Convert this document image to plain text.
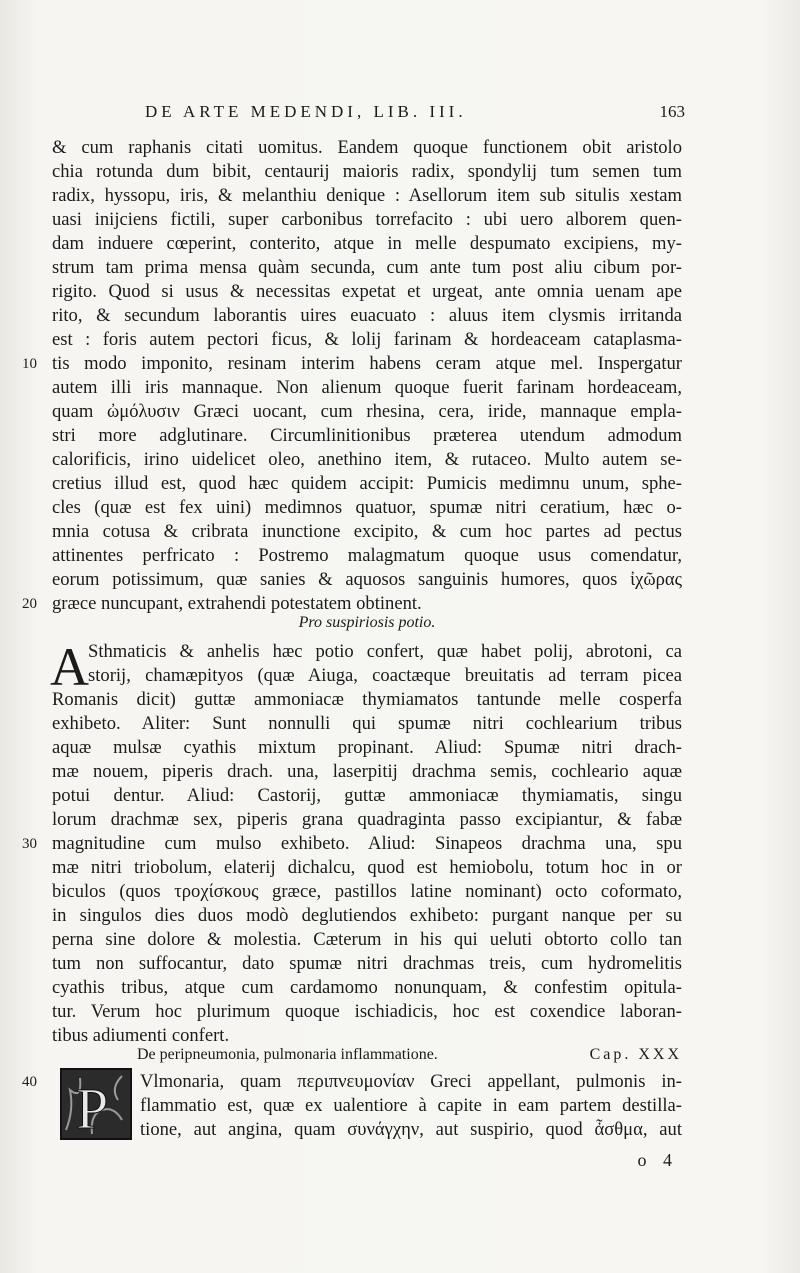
DE ARTE MEDENDI, LIB. III.	163
& cum raphanis citati uomitus. Eandem quoque functionem obit aristolo
chia rotunda dum bibit, centaurij maioris radix, spondylij tum semen tum
radix, hyssopu, iris, & melanthiu denique : Asellorum item sub situlis xestam
uasi inijciens fictili, super carbonibus torrefacito : ubi uero alborem quen-
dam induere cœperint, conterito, atque in melle despumato excipiens, my-
strum tam prima mensa quàm secunda, cum ante tum post aliu cibum por-
rigito. Quod si usus & necessitas expetat et urgeat, ante omnia uenam ape
rito, & secundum laborantis uires euacuato : aluus item clysmis irritanda
est : foris autem pectori ficus, & lolij farinam & hordeaceam cataplasma-
tis modo imponito, resinam interim habens ceram atque mel. Inspergatur
autem illi iris mannaque. Non alienum quoque fuerit farinam hordeaceam,
quam ὠμόλυσιν Græci uocant, cum rhesina, cera, iride, mannaque empla-
stri more adglutinare. Circumlinitionibus præterea utendum admodum
calorificis, irino uidelicet oleo, anethino item, & rutaceo. Multo autem se-
cretius illud est, quod hæc quidem accipit: Pumicis medimnu unum, sphe-
cles (quæ est fex uini) medimnos quatuor, spumæ nitri ceratium, hæc o-
mnia cotusa & cribrata inunctione excipito, & cum hoc partes ad pectus
attinentes perfricato : Postremo malagmatum quoque usus comendatur,
eorum potissimum, quæ sanies & aquosos sanguinis humores, quos ἰχῶρας
græce nuncupant, extrahendi potestatem obtinent.
Pro suspiriosis potio.
A Sthmaticis & anhelis hæc potio confert, quæ habet polij, abrotoni, ca
storij, chamæpityos (quæ Aiuga, coactæque breuitatis ad terram picea
Romanis dicit) guttæ ammoniacæ thymiamatos tantunde melle cosperfa
exhibeto. Aliter: Sunt nonnulli qui spumæ nitri cochlearium tribus
aquæ mulsæ cyathis mixtum propinant. Aliud: Spumæ nitri drach-
mæ nouem, piperis drach. una, laserpitij drachma semis, cochleario aquæ
potui dentur. Aliud: Castorij, guttæ ammoniacæ thymiamatis, singu
lorum drachmæ sex, piperis grana quadraginta passo excipiantur, & fabæ
magnitudine cum mulso exhibeto. Aliud: Sinapeos drachma una, spu
mæ nitri triobolum, elaterij dichalcu, quod est hemiobolu, totum hoc in or
biculos (quos τροχίσκους græce, pastillos latine nominant) octo coformato,
in singulos dies duos modò deglutiendos exhibeto: purgant nanque per su
perna sine dolore & molestia. Cæterum in his qui ueluti obtorto collo tan
tum non suffocantur, dato spumæ nitri drachmas treis, cum hydromelitis
cyathis tribus, atque cum cardamomo nonunquam, & confestim opitula-
tur. Verum hoc plurimum quoque ischiadicis, hoc est coxendice laboran-
tibus adiumenti confert.
De peripneumonia, pulmonaria inflammatione.	Cap. XXX
Vlmonaria, quam περιπνευμονίαν Greci appellant, pulmonis in-
flammatio est, quæ ex ualentiore à capite in eam partem destilla-
tione, aut angina, quam συνάγχην, aut suspirio, quod ἆσθμα, aut
10
20
30
40 P
o 4
